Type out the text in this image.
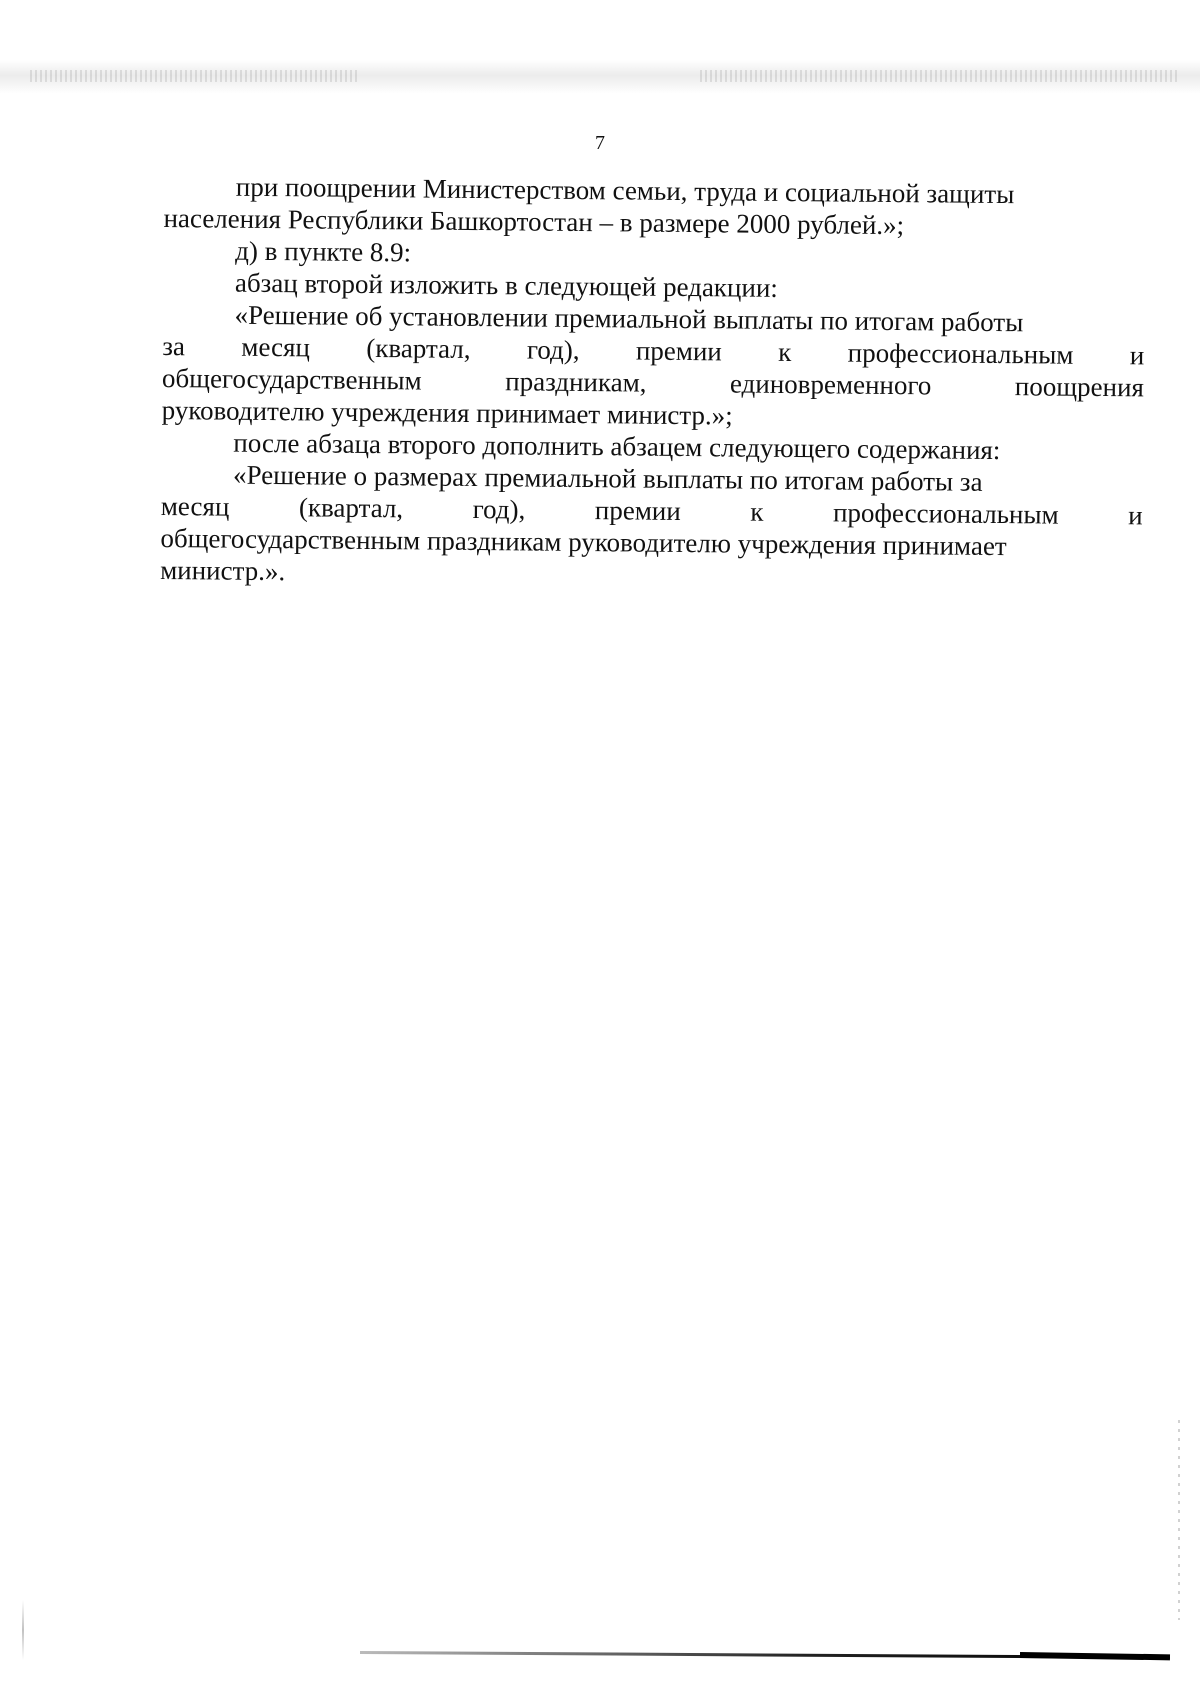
7

при поощрении Министерством семьи, труда и социальной защиты

населения Республики Башкортостан – в размере 2000 рублей.»;

д) в пункте 8.9:

абзац второй изложить в следующей редакции:

«Решение об установлении премиальной выплаты по итогам работы

за месяц (квартал, год), премии к профессиональным и

общегосударственным	праздникам,	единовременного	поощрения

руководителю учреждения принимает министр.»;

после абзаца второго дополнить абзацем следующего содержания:

«Решение о размерах премиальной выплаты по итогам работы за

месяц	(квартал,	год),	премии	к	профессиональным	и

общегосударственным праздникам руководителю учреждения принимает

министр.».
